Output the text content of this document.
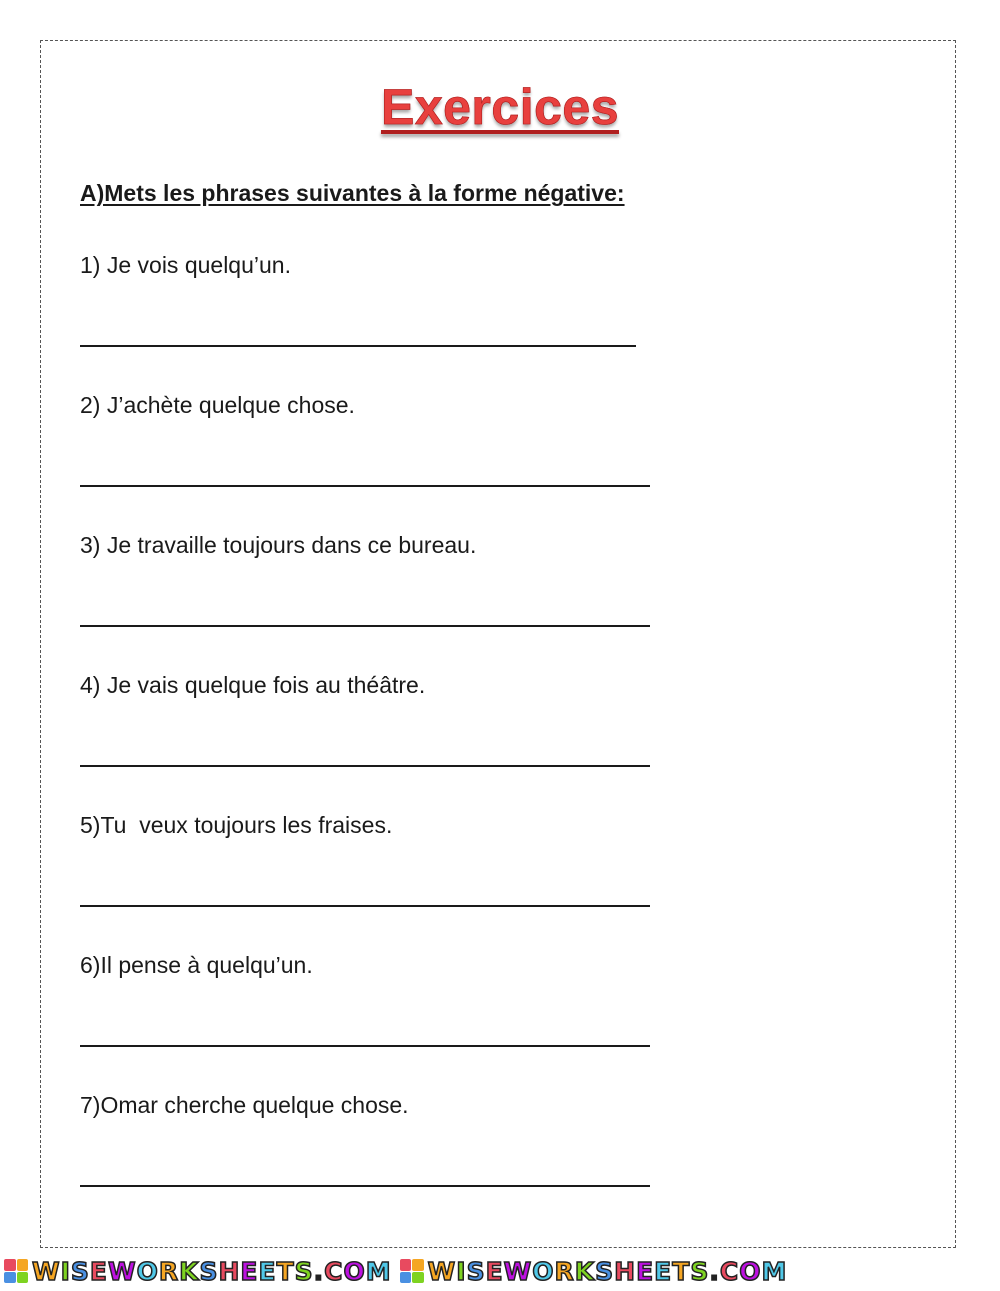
Exercices
A)Mets les phrases suivantes à la forme négative:
1) Je vois quelqu’un.
2) J’achète quelque chose.
3) Je travaille toujours dans ce bureau.
4) Je vais quelque fois au théâtre.
5)Tu  veux toujours les fraises.
6)Il pense à quelqu’un.
7)Omar cherche quelque chose.
WISEWORKSHEETS.COM WISEWORKSHEETS.COM
